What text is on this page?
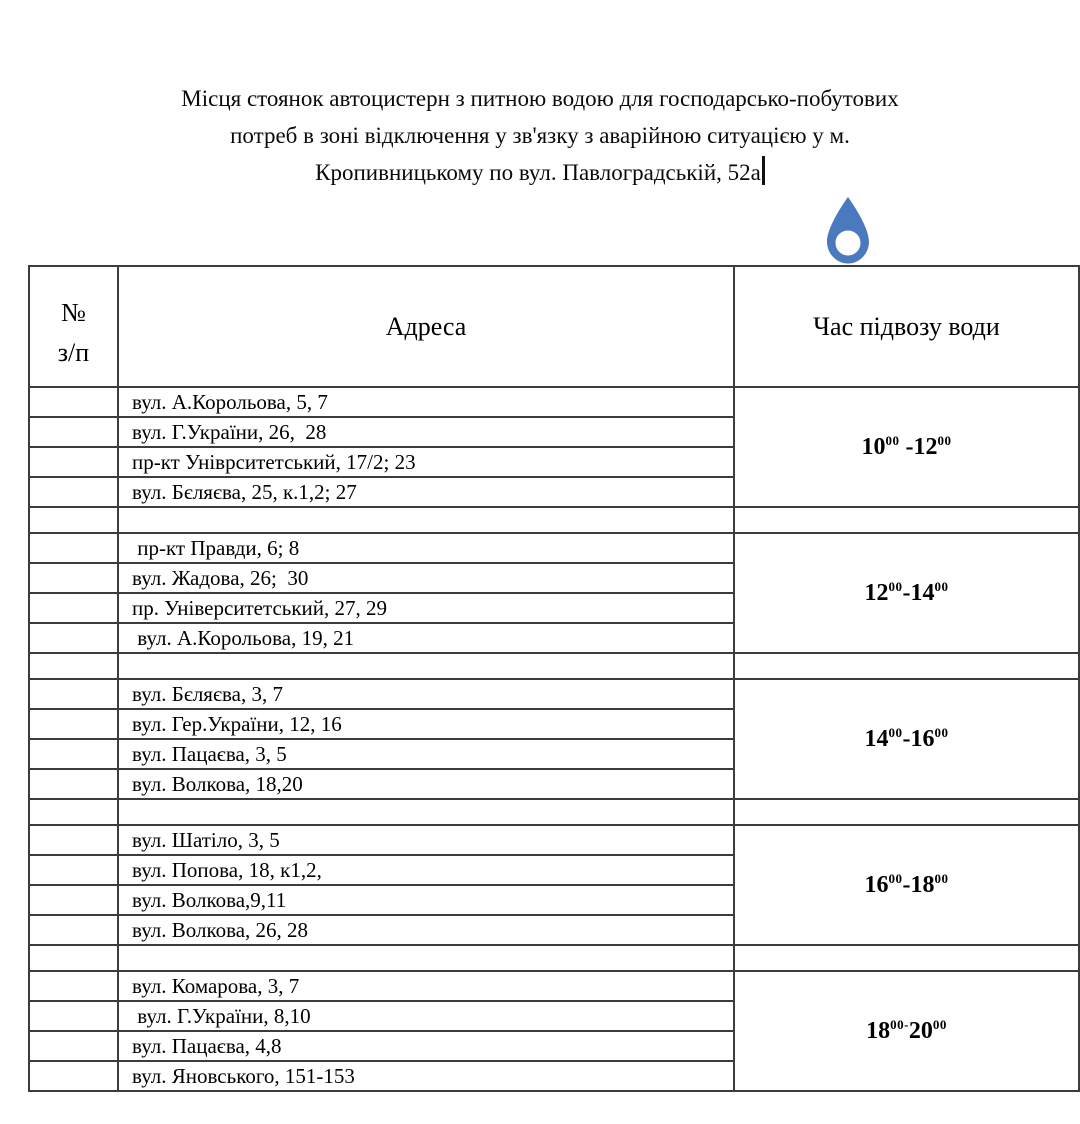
Місця стоянок автоцистерн з питною водою для господарсько-побутових
потреб в зоні відключення у зв'язку з аварійною ситуацією у м.
Кропивницькому по вул. Павлоградській, 52а
№
з/п	Адреса	Час підвозу води
	вул. А.Корольова, 5, 7	$10^{00}$ $-12^{00}$
	вул. Г.України, 26,  28	
	пр-кт Уніврситетський, 17/2; 23	
	вул. Бєляєва, 25, к.1,2; 27	

	пр-кт Правди, 6; 8	$12^{00}-14^{00}$
	вул. Жадова, 26;  30	
	пр. Університетський, 27, 29	
	вул. А.Корольова, 19, 21	

	вул. Бєляєва, 3, 7	$14^{00}-16^{00}$
	вул. Гер.України, 12, 16	
	вул. Пацаєва, 3, 5	
	вул. Волкова, 18,20	

	вул. Шатіло, 3, 5	$16^{00}-18^{00}$
	вул. Попова, 18, к1,2,	
	вул. Волкова,9,11	
	вул. Волкова, 26, 28	

	вул. Комарова, 3, 7	$18^{00-}20^{00}$
	вул. Г.України, 8,10	
	вул. Пацаєва, 4,8	
	вул. Яновського, 151-153	
